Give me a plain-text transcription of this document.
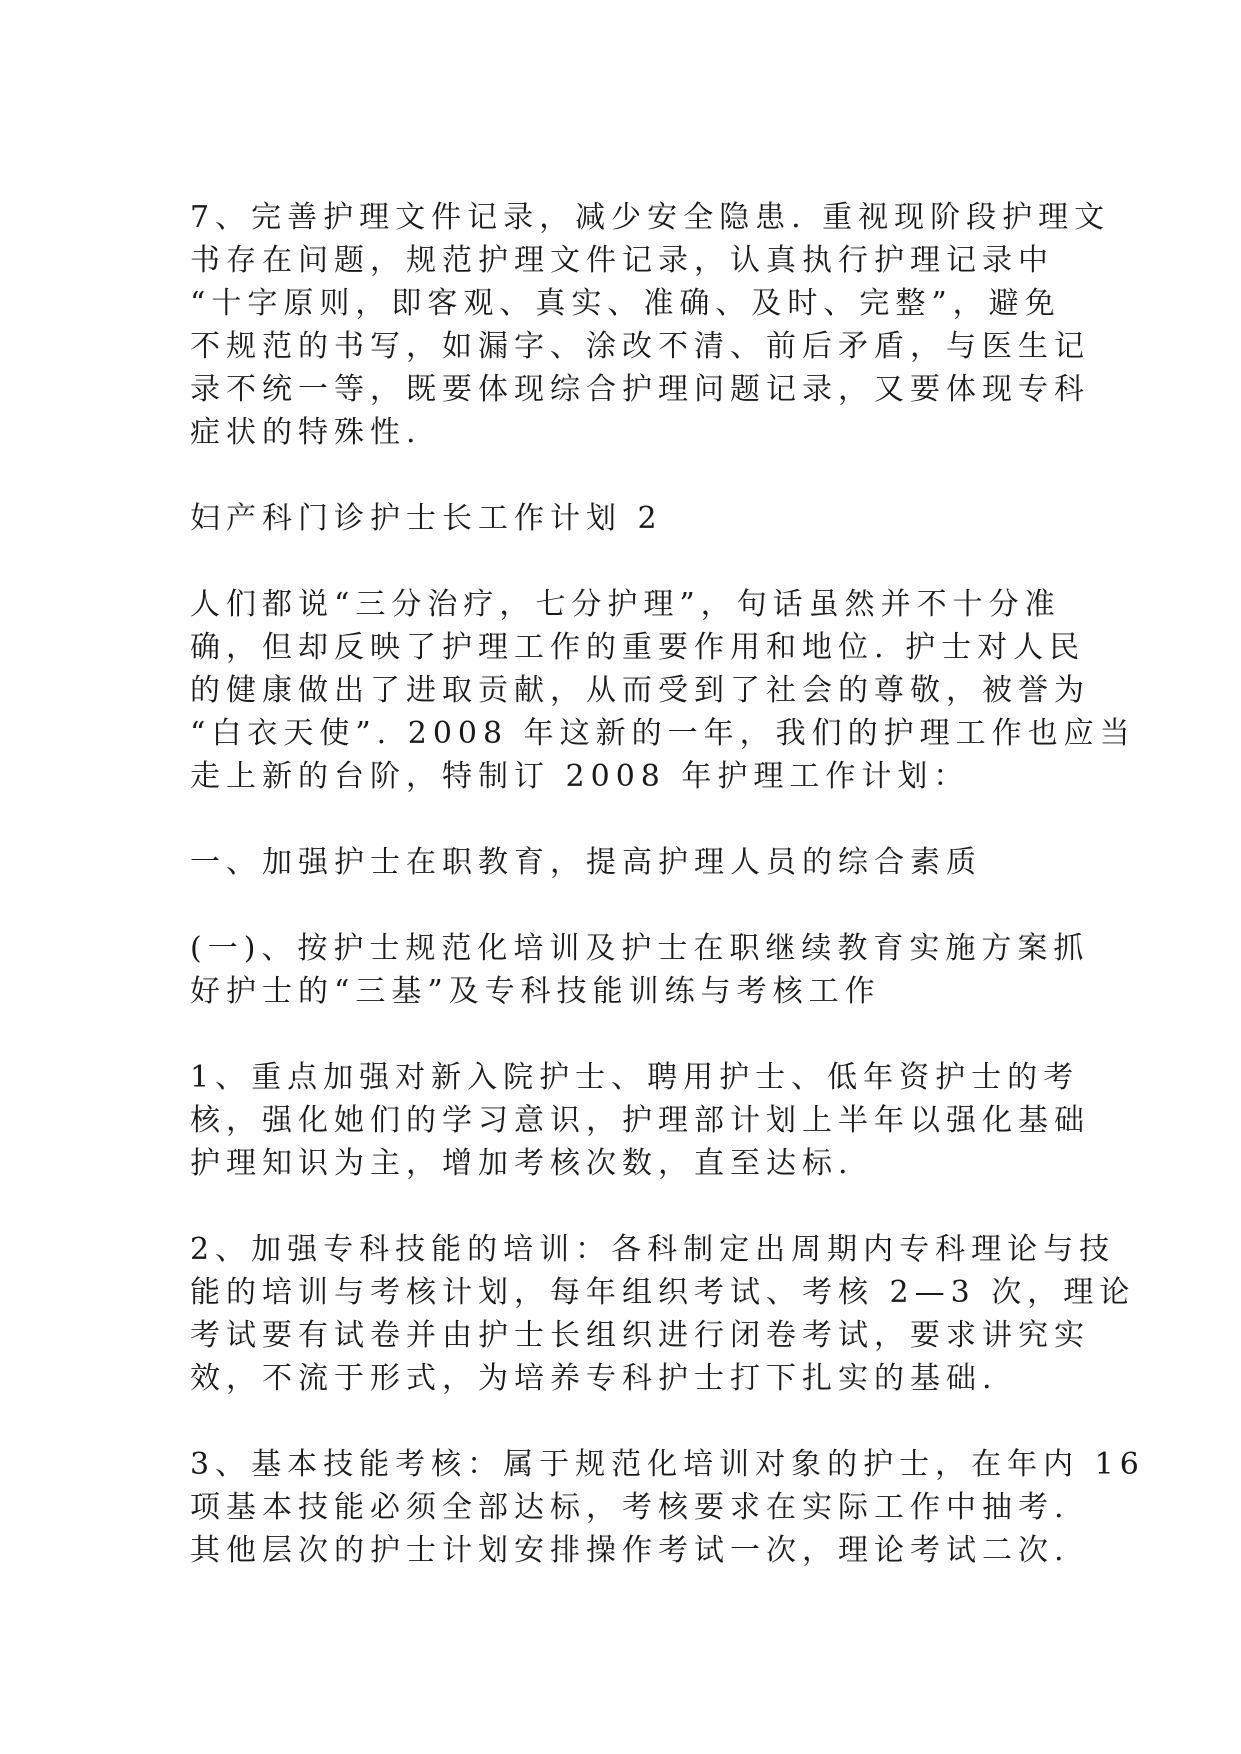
7、完善护理文件记录，减少安全隐患. 重视现阶段护理文
书存在问题，规范护理文件记录，认真执行护理记录中
“十字原则，即客观、真实、准确、及时、完整”，避免
不规范的书写，如漏字、涂改不清、前后矛盾，与医生记
录不统一等，既要体现综合护理问题记录，又要体现专科
症状的特殊性.
妇产科门诊护士长工作计划 2
人们都说“三分治疗，七分护理”，句话虽然并不十分准
确，但却反映了护理工作的重要作用和地位. 护士对人民
的健康做出了进取贡献，从而受到了社会的尊敬，被誉为
“白衣天使”. 2008 年这新的一年，我们的护理工作也应当
走上新的台阶，特制订 2008 年护理工作计划：
一、加强护士在职教育，提高护理人员的综合素质
(一)、按护士规范化培训及护士在职继续教育实施方案抓
好护士的“三基”及专科技能训练与考核工作
1、重点加强对新入院护士、聘用护士、低年资护士的考
核，强化她们的学习意识，护理部计划上半年以强化基础
护理知识为主，增加考核次数，直至达标.
2、加强专科技能的培训：各科制定出周期内专科理论与技
能的培训与考核计划，每年组织考试、考核 2—3 次，理论
考试要有试卷并由护士长组织进行闭卷考试，要求讲究实
效，不流于形式，为培养专科护士打下扎实的基础.
3、基本技能考核：属于规范化培训对象的护士，在年内 16
项基本技能必须全部达标，考核要求在实际工作中抽考.
其他层次的护士计划安排操作考试一次，理论考试二次.
